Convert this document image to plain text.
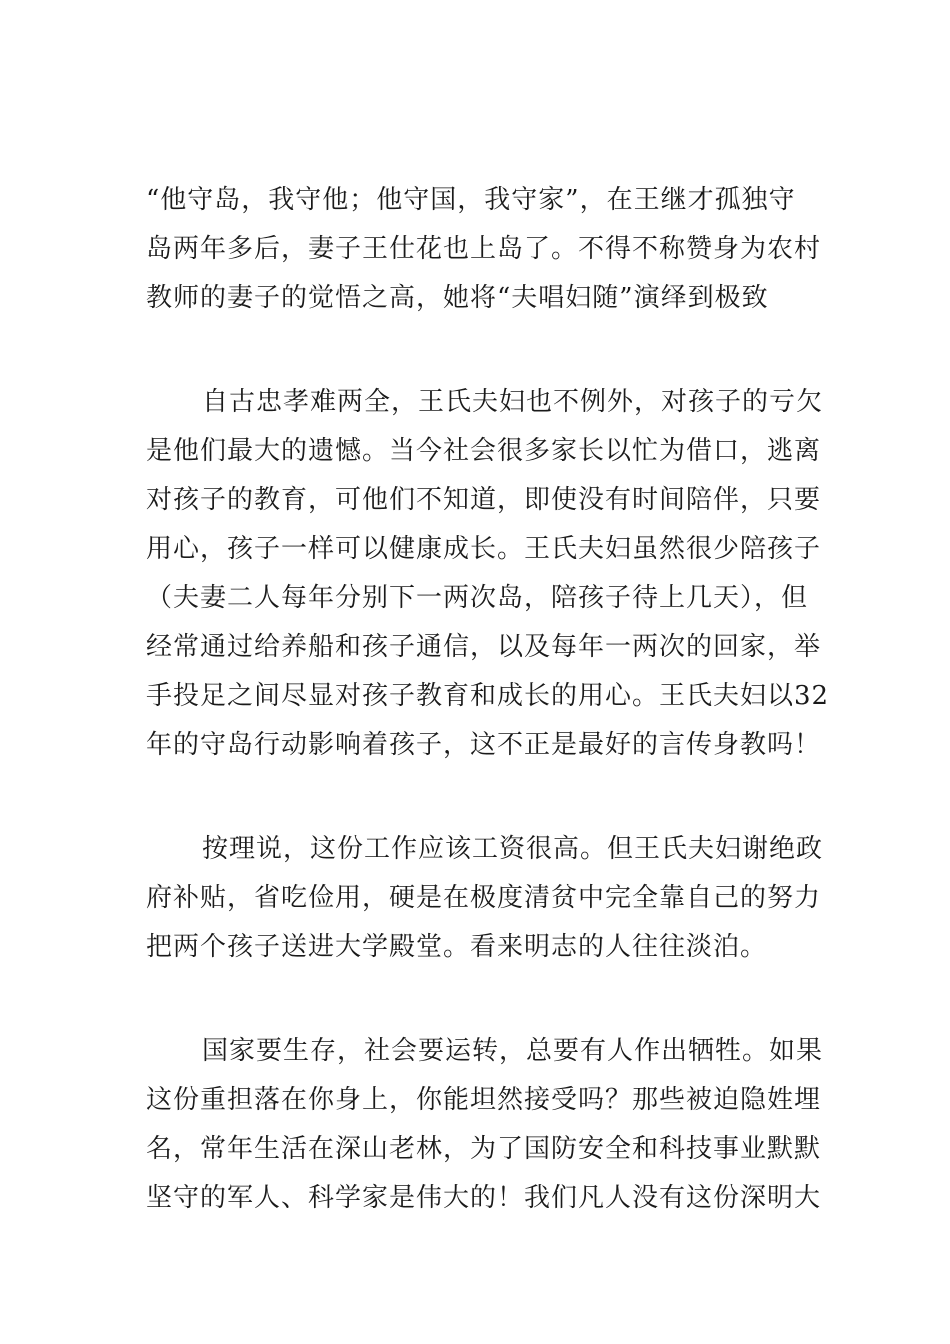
“他守岛，我守他；他守国，我守家”，在王继才孤独守
岛两年多后，妻子王仕花也上岛了。不得不称赞身为农村
教师的妻子的觉悟之高，她将“夫唱妇随”演绎到极致
自古忠孝难两全，王氏夫妇也不例外，对孩子的亏欠
是他们最大的遗憾。当今社会很多家长以忙为借口，逃离
对孩子的教育，可他们不知道，即使没有时间陪伴，只要
用心，孩子一样可以健康成长。王氏夫妇虽然很少陪孩子
（夫妻二人每年分别下一两次岛，陪孩子待上几天），但
经常通过给养船和孩子通信，以及每年一两次的回家，举
手投足之间尽显对孩子教育和成长的用心。王氏夫妇以32
年的守岛行动影响着孩子，这不正是最好的言传身教吗！
按理说，这份工作应该工资很高。但王氏夫妇谢绝政
府补贴，省吃俭用，硬是在极度清贫中完全靠自己的努力
把两个孩子送进大学殿堂。看来明志的人往往淡泊。
国家要生存，社会要运转，总要有人作出牺牲。如果
这份重担落在你身上，你能坦然接受吗？那些被迫隐姓埋
名，常年生活在深山老林，为了国防安全和科技事业默默
坚守的军人、科学家是伟大的！我们凡人没有这份深明大
